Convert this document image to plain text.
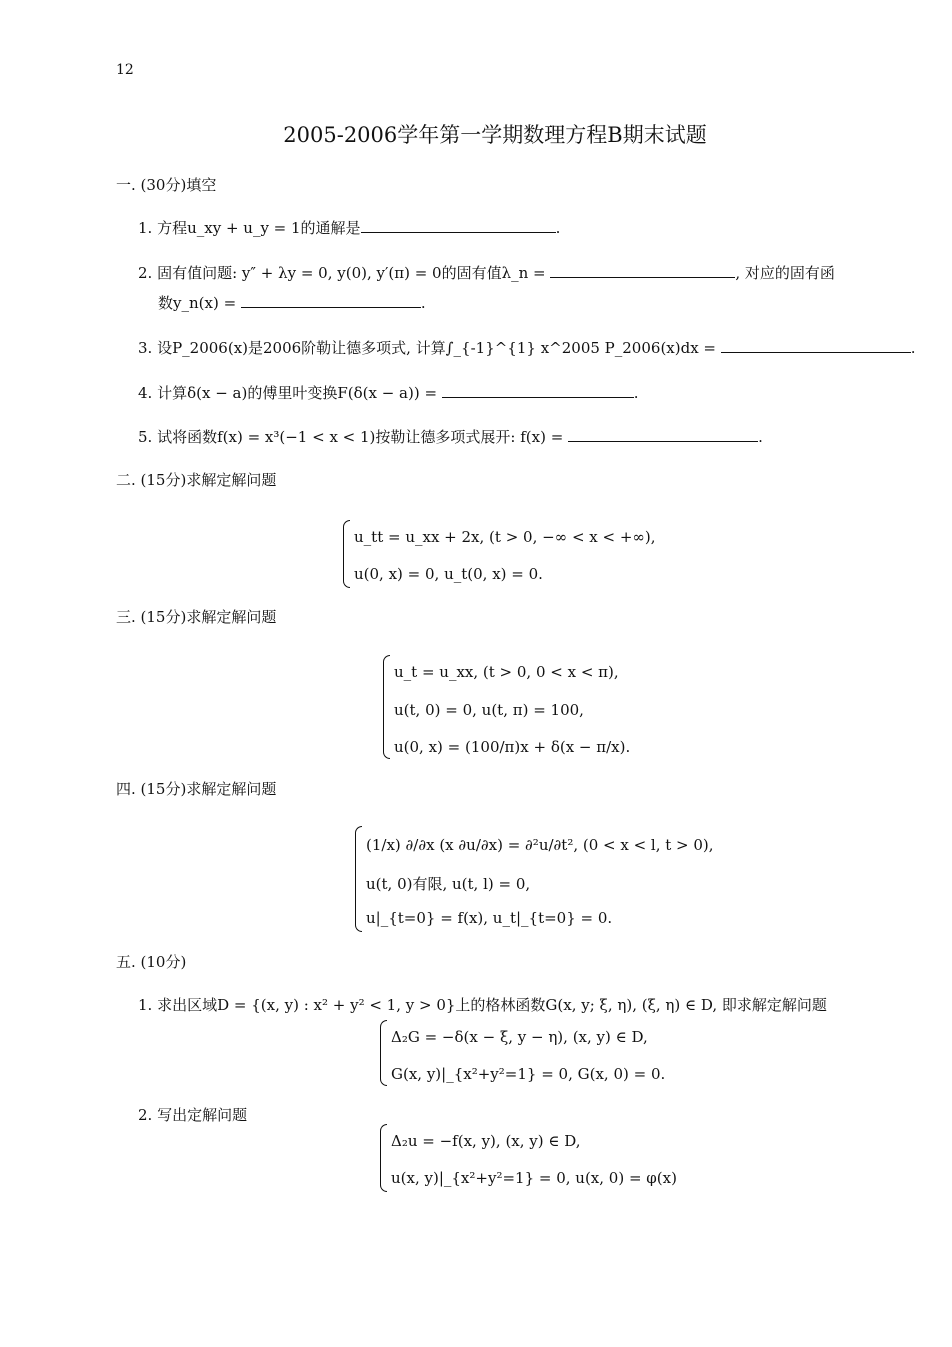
12
2005-2006学年第一学期数理方程B期末试题
一. (30分)填空
1. 方程u_xy + u_y = 1的通解是	.
2. 固有值问题: y″ + λy = 0, y(0), y′(π) = 0的固有值λ_n =	, 对应的固有函
数y_n(x) =	.
3. 设P_2006(x)是2006阶勒让德多项式, 计算∫_{-1}^{1} x^2005 P_2006(x)dx =	.
4. 计算δ(x − a)的傅里叶变换F(δ(x − a)) =	.
5. 试将函数f(x) = x³(−1 < x < 1)按勒让德多项式展开: f(x) =	.
二. (15分)求解定解问题
u_tt = u_xx + 2x, (t > 0, −∞ < x < +∞),
u(0, x) = 0, u_t(0, x) = 0.
三. (15分)求解定解问题
u_t = u_xx, (t > 0, 0 < x < π),
u(t, 0) = 0, u(t, π) = 100,
u(0, x) = (100/π)x + δ(x − π/x).
四. (15分)求解定解问题
(1/x) ∂/∂x (x ∂u/∂x) = ∂²u/∂t², (0 < x < l, t > 0),
u(t, 0)有限, u(t, l) = 0,
u|_{t=0} = f(x), u_t|_{t=0} = 0.
五. (10分)
1. 求出区域D = {(x, y) : x² + y² < 1, y > 0}上的格林函数G(x, y; ξ, η), (ξ, η) ∈ D, 即求解定解问题
Δ₂G = −δ(x − ξ, y − η), (x, y) ∈ D,
G(x, y)|_{x²+y²=1} = 0, G(x, 0) = 0.
2. 写出定解问题
Δ₂u = −f(x, y), (x, y) ∈ D,
u(x, y)|_{x²+y²=1} = 0, u(x, 0) = φ(x)
